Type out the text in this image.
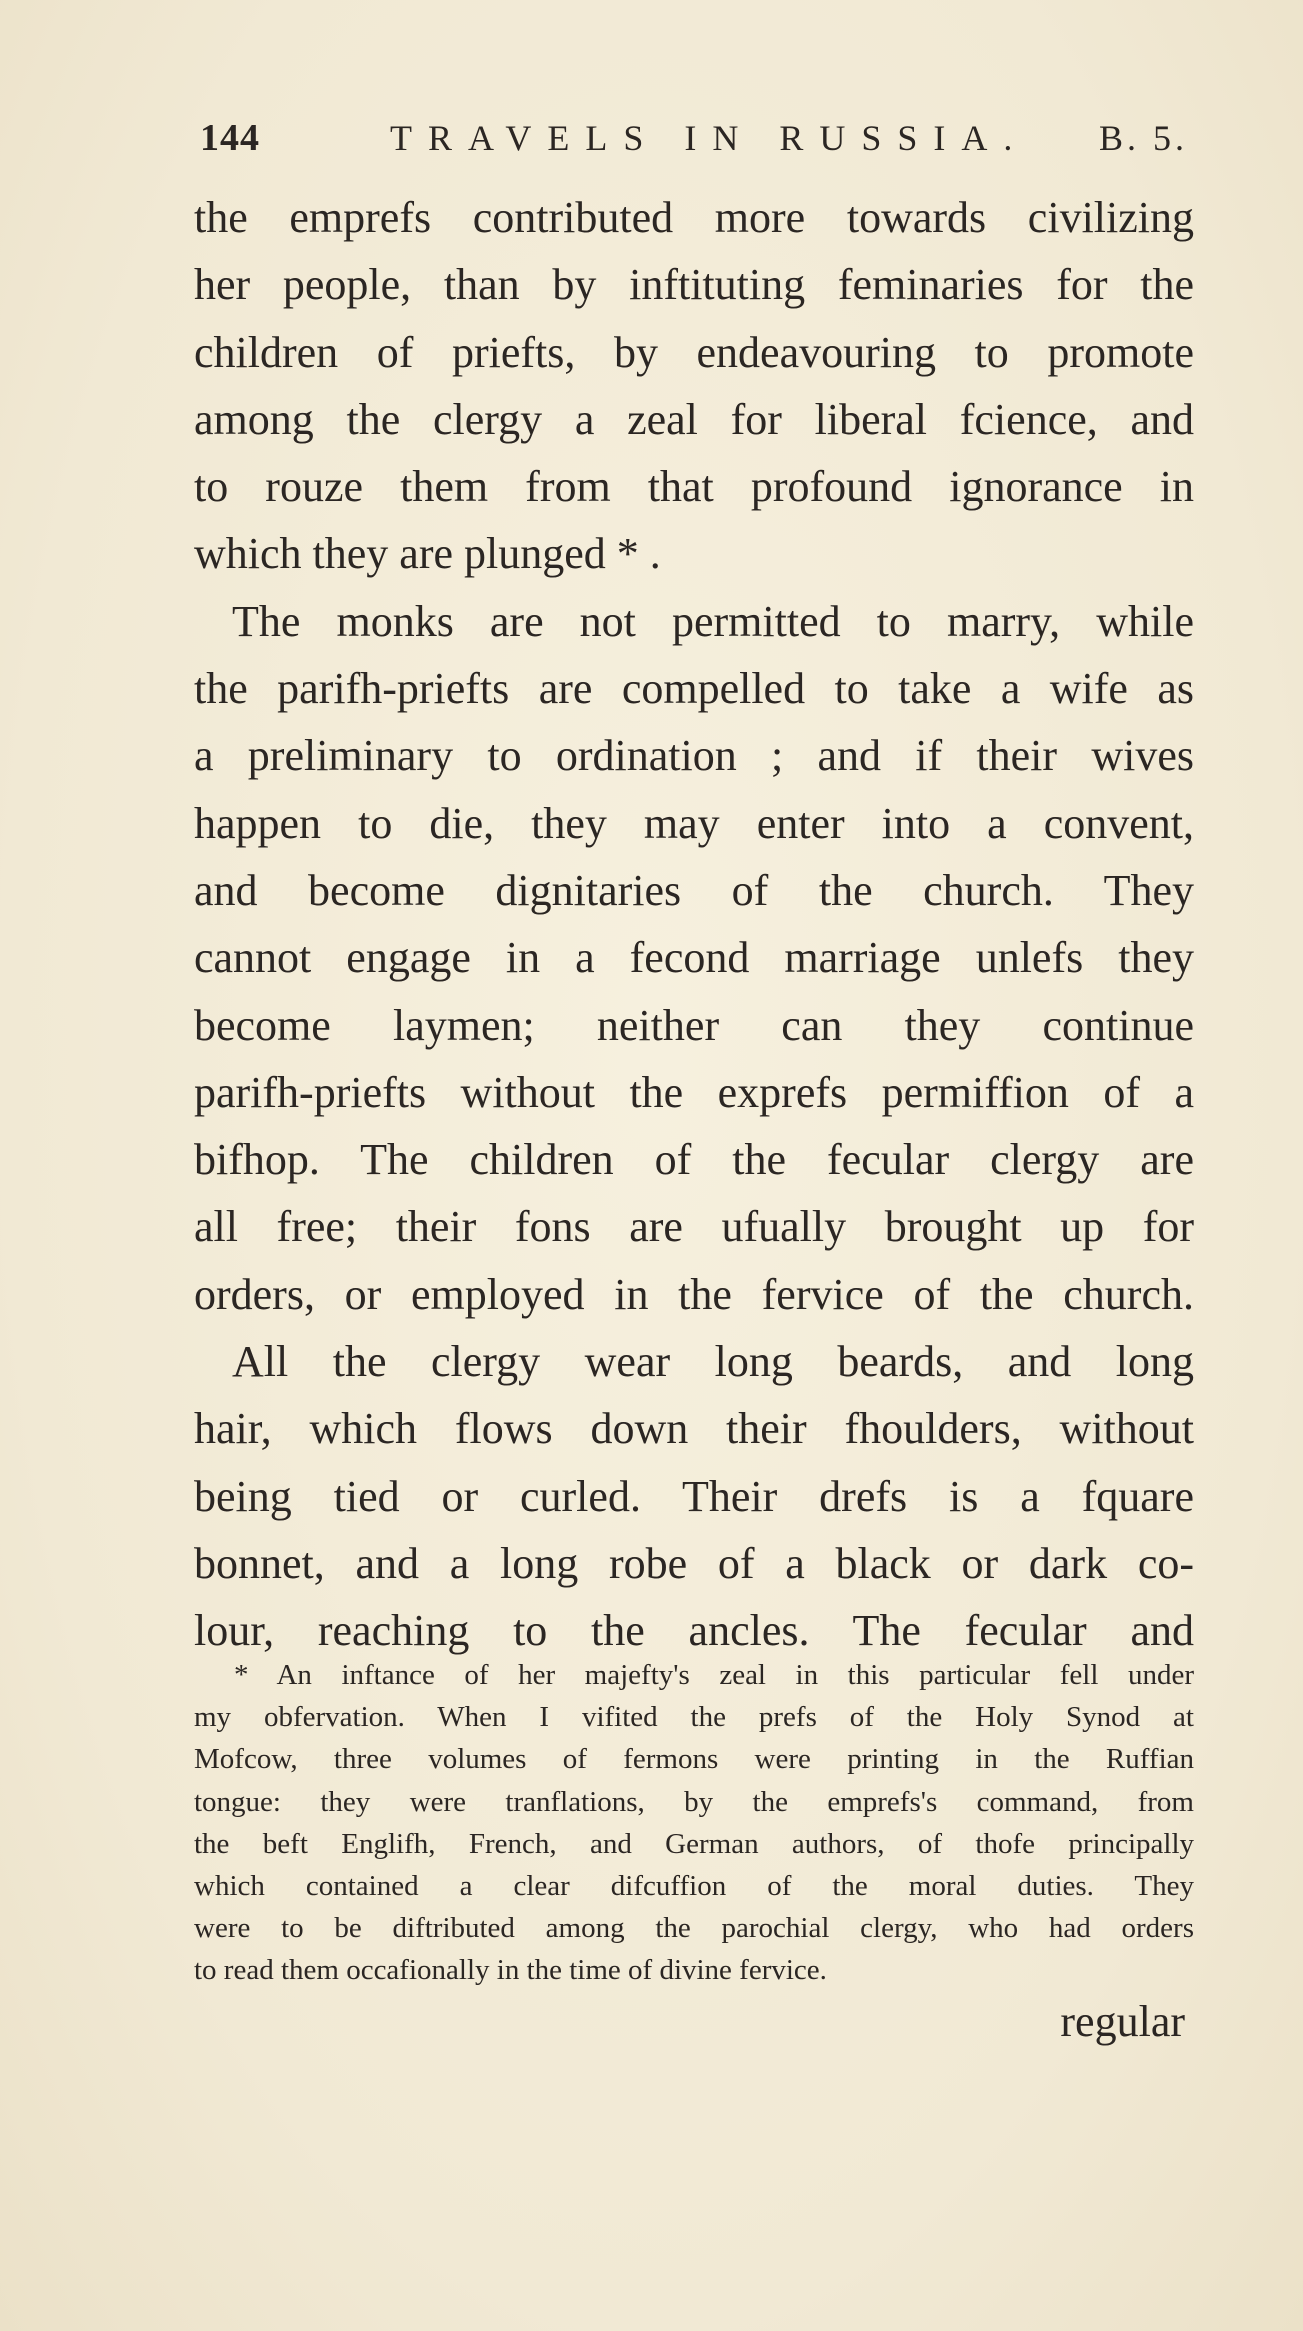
144	TRAVELS IN RUSSIA. B. 5.
the emprefs contributed more towards civilizing
her people, than by inftituting feminaries for the
children of priefts, by endeavouring to promote
among the clergy a zeal for liberal fcience, and
to rouze them from that profound ignorance in
which they are plunged * .
The monks are not permitted to marry, while
the parifh-priefts are compelled to take a wife as
a preliminary to ordination ; and if their wives
happen to die, they may enter into a convent,
and become dignitaries of the church. They
cannot engage in a fecond marriage unlefs they
become laymen; neither can they continue
parifh-priefts without the exprefs permiffion of a
bifhop. The children of the fecular clergy are
all free; their fons are ufually brought up for
orders, or employed in the fervice of the church.
All the clergy wear long beards, and long
hair, which flows down their fhoulders, without
being tied or curled. Their drefs is a fquare
bonnet, and a long robe of a black or dark co-
lour, reaching to the ancles. The fecular and
* An inftance of her majefty's zeal in this particular fell under
my obfervation. When I vifited the prefs of the Holy Synod at
Mofcow, three volumes of fermons were printing in the Ruffian
tongue: they were tranflations, by the emprefs's command, from
the beft Englifh, French, and German authors, of thofe principally
which contained a clear difcuffion of the moral duties. They
were to be diftributed among the parochial clergy, who had orders
to read them occafionally in the time of divine fervice.
regular
